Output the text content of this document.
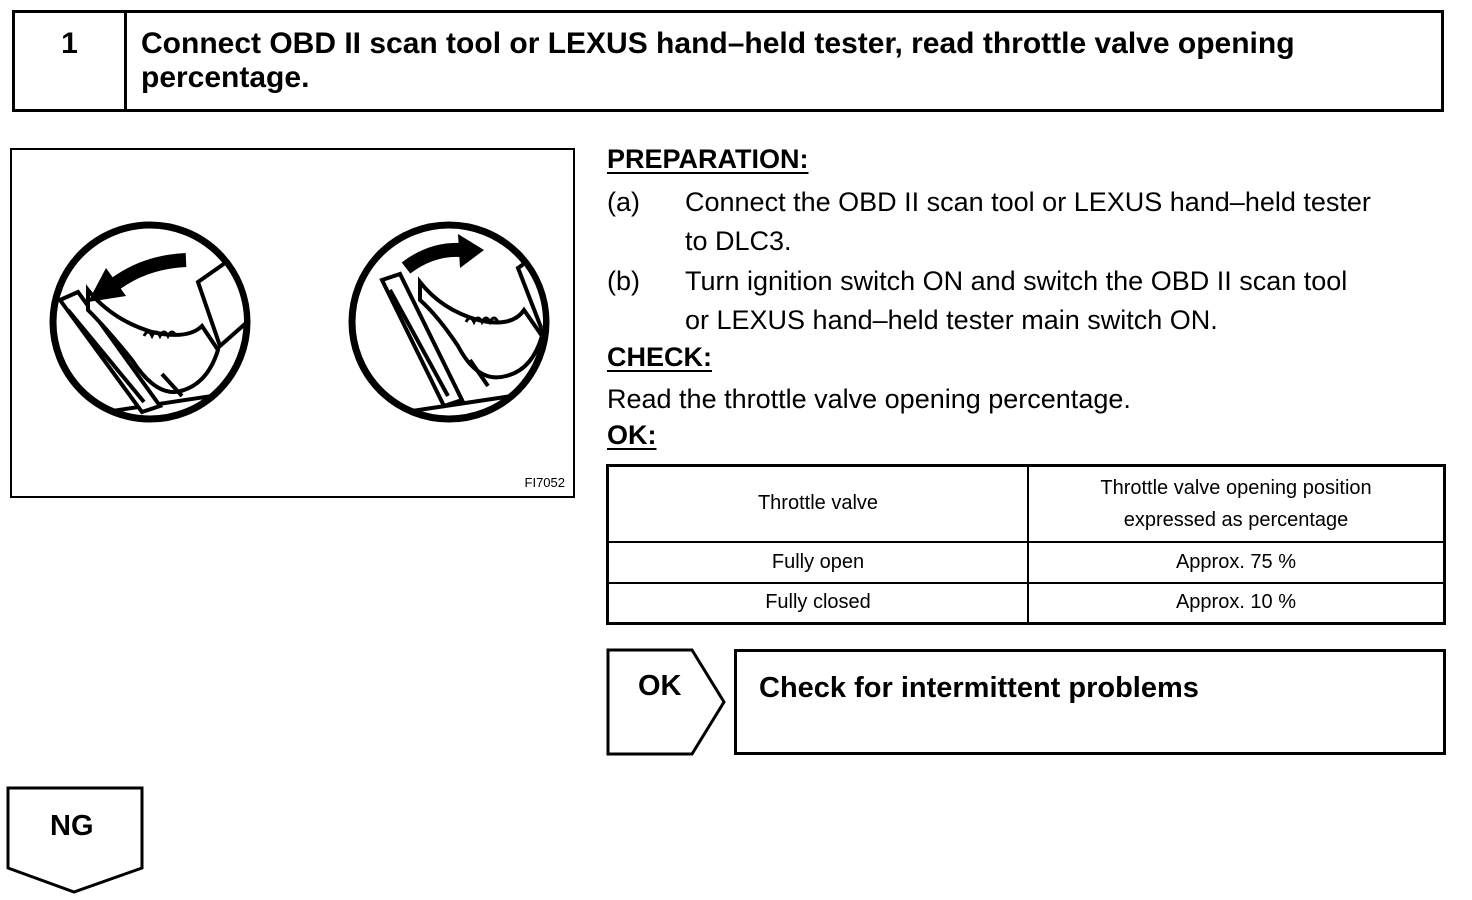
1	Connect OBD II scan tool or LEXUS hand–held tester, read throttle valve opening
percentage.
FI7052
PREPARATION:
(a) Connect the OBD II scan tool or LEXUS hand–held tester
to DLC3.
(b) Turn ignition switch ON and switch the OBD II scan tool
or LEXUS hand–held tester main switch ON.
CHECK:
Read the throttle valve opening percentage.
OK:
Throttle valve	Throttle valve opening position
expressed as percentage

Fully open	Approx. 75 %
Fully closed	Approx. 10 %
OK	Check for intermittent problems
NG
